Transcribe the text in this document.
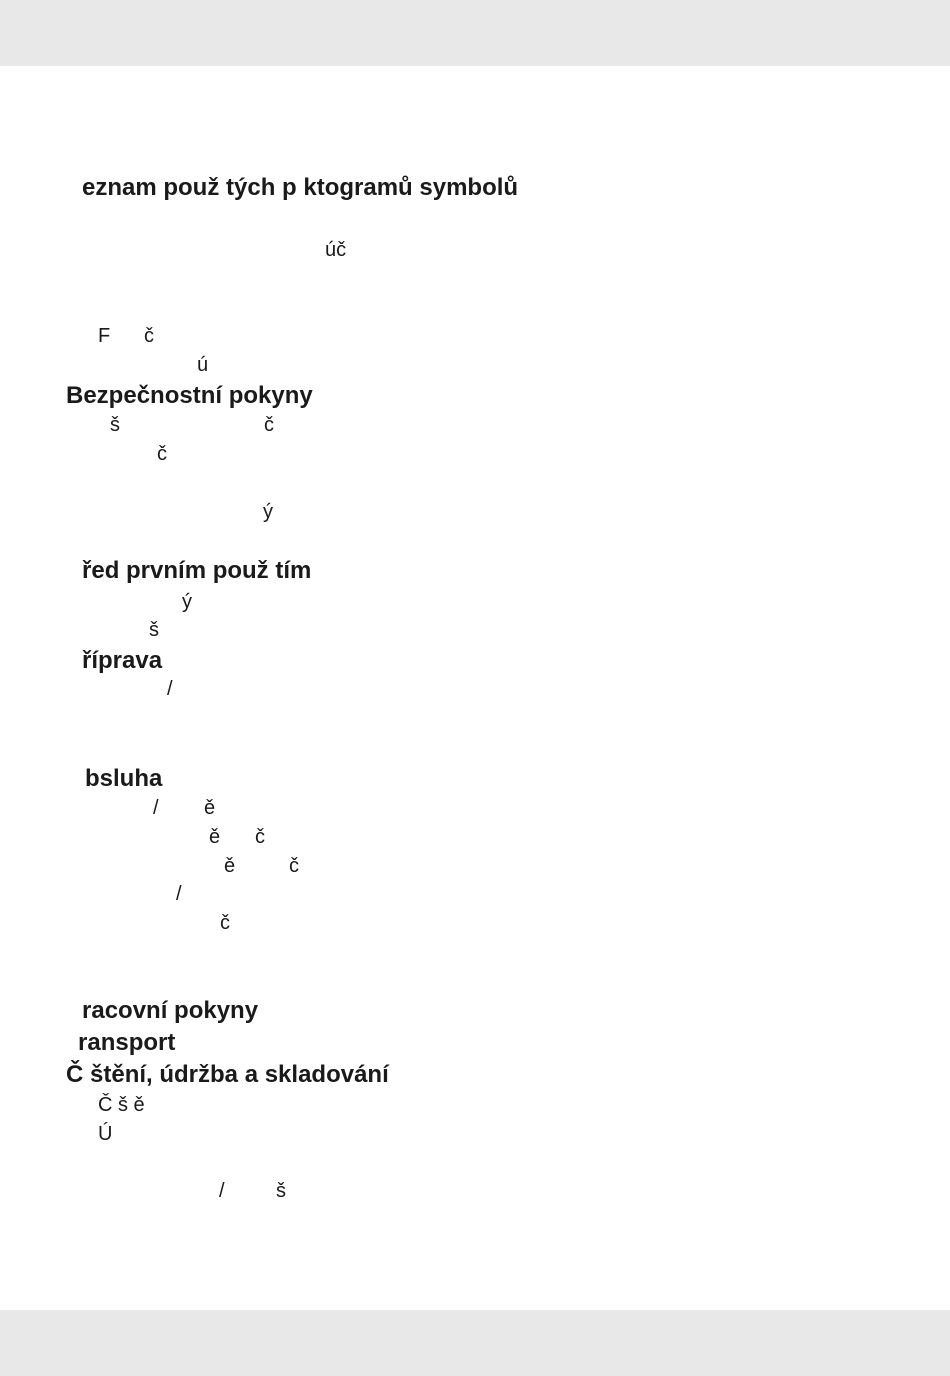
eznam použ tých p ktogramů symbolů
úč
F č
ú
Bezpečnostní pokyny
š	č
č
ý
řed prvním použ tím
ý
š
říprava
/
bsluha
/ ě
ě č
ě	č
/
č
racovní pokyny
ransport
Č štění, údržba a skladování
Č š ě
Ú
/	š
